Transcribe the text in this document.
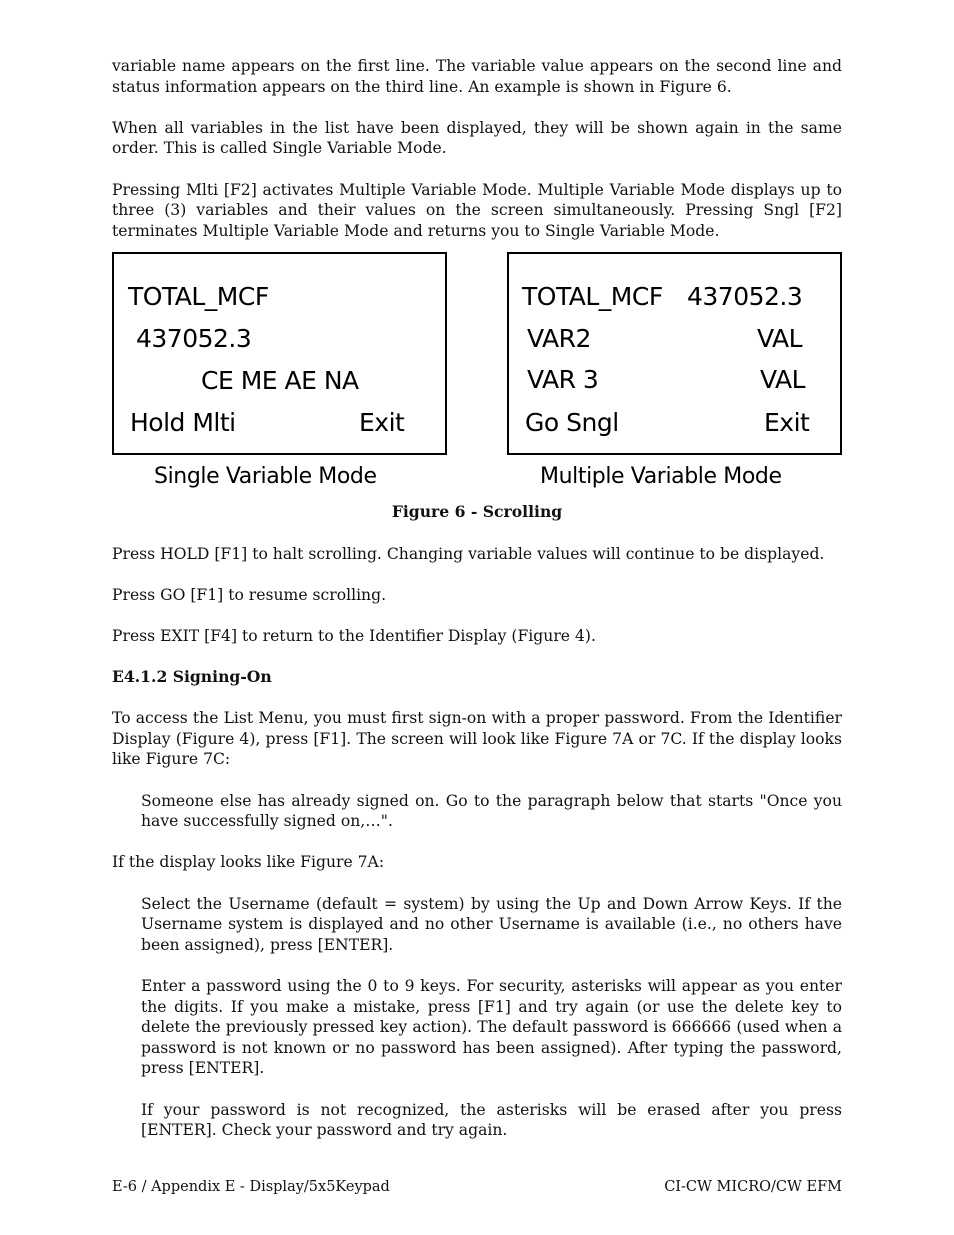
variable name appears on the first line. The variable value appears on the second line and status information appears on the third line. An example is shown in Figure 6.

When all variables in the list have been displayed, they will be shown again in the same order. This is called Single Variable Mode.

Pressing Mlti [F2] activates Multiple Variable Mode. Multiple Variable Mode displays up to three (3) variables and their values on the screen simultaneously. Pressing Sngl [F2] terminates Multiple Variable Mode and returns you to Single Variable Mode.

TOTAL_MCF
437052.3
CE ME AE NA
Hold Mlti	Exit
Single Variable Mode
TOTAL_MCF 437052.3
VAR2	VAL
VAR 3	VAL
Go Sngl	Exit
Multiple Variable Mode
Figure 6 - Scrolling

Press HOLD [F1] to halt scrolling. Changing variable values will continue to be displayed.

Press GO [F1] to resume scrolling.

Press EXIT [F4] to return to the Identifier Display (Figure 4).

E4.1.2 Signing-On

To access the List Menu, you must first sign-on with a proper password. From the Identifier Display (Figure 4), press [F1]. The screen will look like Figure 7A or 7C. If the display looks like Figure 7C:

Someone else has already signed on. Go to the paragraph below that starts "Once you have successfully signed on,…".

If the display looks like Figure 7A:

Select the Username (default = system) by using the Up and Down Arrow Keys. If the Username system is displayed and no other Username is available (i.e., no others have been assigned), press [ENTER].

Enter a password using the 0 to 9 keys. For security, asterisks will appear as you enter the digits. If you make a mistake, press [F1] and try again (or use the delete key to delete the previously pressed key action). The default password is 666666 (used when a password is not known or no password has been assigned). After typing the password, press [ENTER].

If your password is not recognized, the asterisks will be erased after you press [ENTER]. Check your password and try again.

E-6 / Appendix E - Display/5x5Keypad	CI-CW MICRO/CW EFM
